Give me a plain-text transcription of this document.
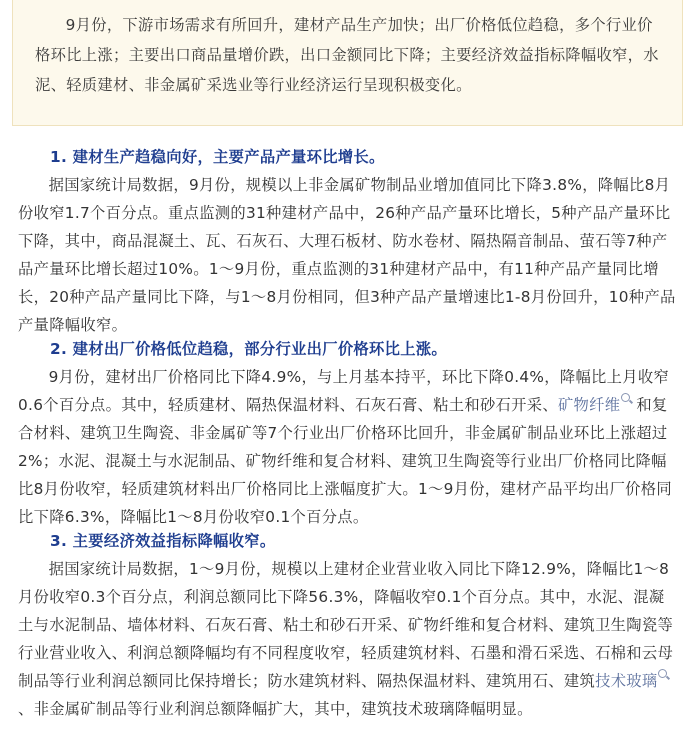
9月份，下游市场需求有所回升，建材产品生产加快；出厂价格低位趋稳，多个行业价格环比上涨；主要出口商品量增价跌，出口金额同比下降；主要经济效益指标降幅收窄，水泥、轻质建材、非金属矿采选业等行业经济运行呈现积极变化。
1. 建材生产趋稳向好，主要产品产量环比增长。
据国家统计局数据，9月份，规模以上非金属矿物制品业增加值同比下降3.8%，降幅比8月份收窄1.7个百分点。重点监测的31种建材产品中，26种产品产量环比增长，5种产品产量环比下降，其中，商品混凝土、瓦、石灰石、大理石板材、防水卷材、隔热隔音制品、萤石等7种产品产量环比增长超过10%。1～9月份，重点监测的31种建材产品中，有11种产品产量同比增长，20种产品产量同比下降，与1～8月份相同，但3种产品产量增速比1-8月份回升，10种产品产量降幅收窄。
2. 建材出厂价格低位趋稳，部分行业出厂价格环比上涨。
9月份，建材出厂价格同比下降4.9%，与上月基本持平，环比下降0.4%，降幅比上月收窄0.6个百分点。其中，轻质建材、隔热保温材料、石灰石膏、粘土和砂石开采、矿物纤维 和复合材料、建筑卫生陶瓷、非金属矿等7个行业出厂价格环比回升，非金属矿制品业环比上涨超过2%；水泥、混凝土与水泥制品、矿物纤维和复合材料、建筑卫生陶瓷等行业出厂价格同比降幅比8月份收窄，轻质建筑材料出厂价格同比上涨幅度扩大。1～9月份，建材产品平均出厂价格同比下降6.3%，降幅比1～8月份收窄0.1个百分点。
3. 主要经济效益指标降幅收窄。
据国家统计局数据，1～9月份，规模以上建材企业营业收入同比下降12.9%，降幅比1～8月份收窄0.3个百分点，利润总额同比下降56.3%，降幅收窄0.1个百分点。其中，水泥、混凝土与水泥制品、墙体材料、石灰石膏、粘土和砂石开采、矿物纤维和复合材料、建筑卫生陶瓷等行业营业收入、利润总额降幅均有不同程度收窄，轻质建筑材料、石墨和滑石采选、石棉和云母制品等行业利润总额同比保持增长；防水建筑材料、隔热保温材料、建筑用石、建筑技术玻璃、非金属矿制品等行业利润总额降幅扩大，其中，建筑技术玻璃降幅明显。
